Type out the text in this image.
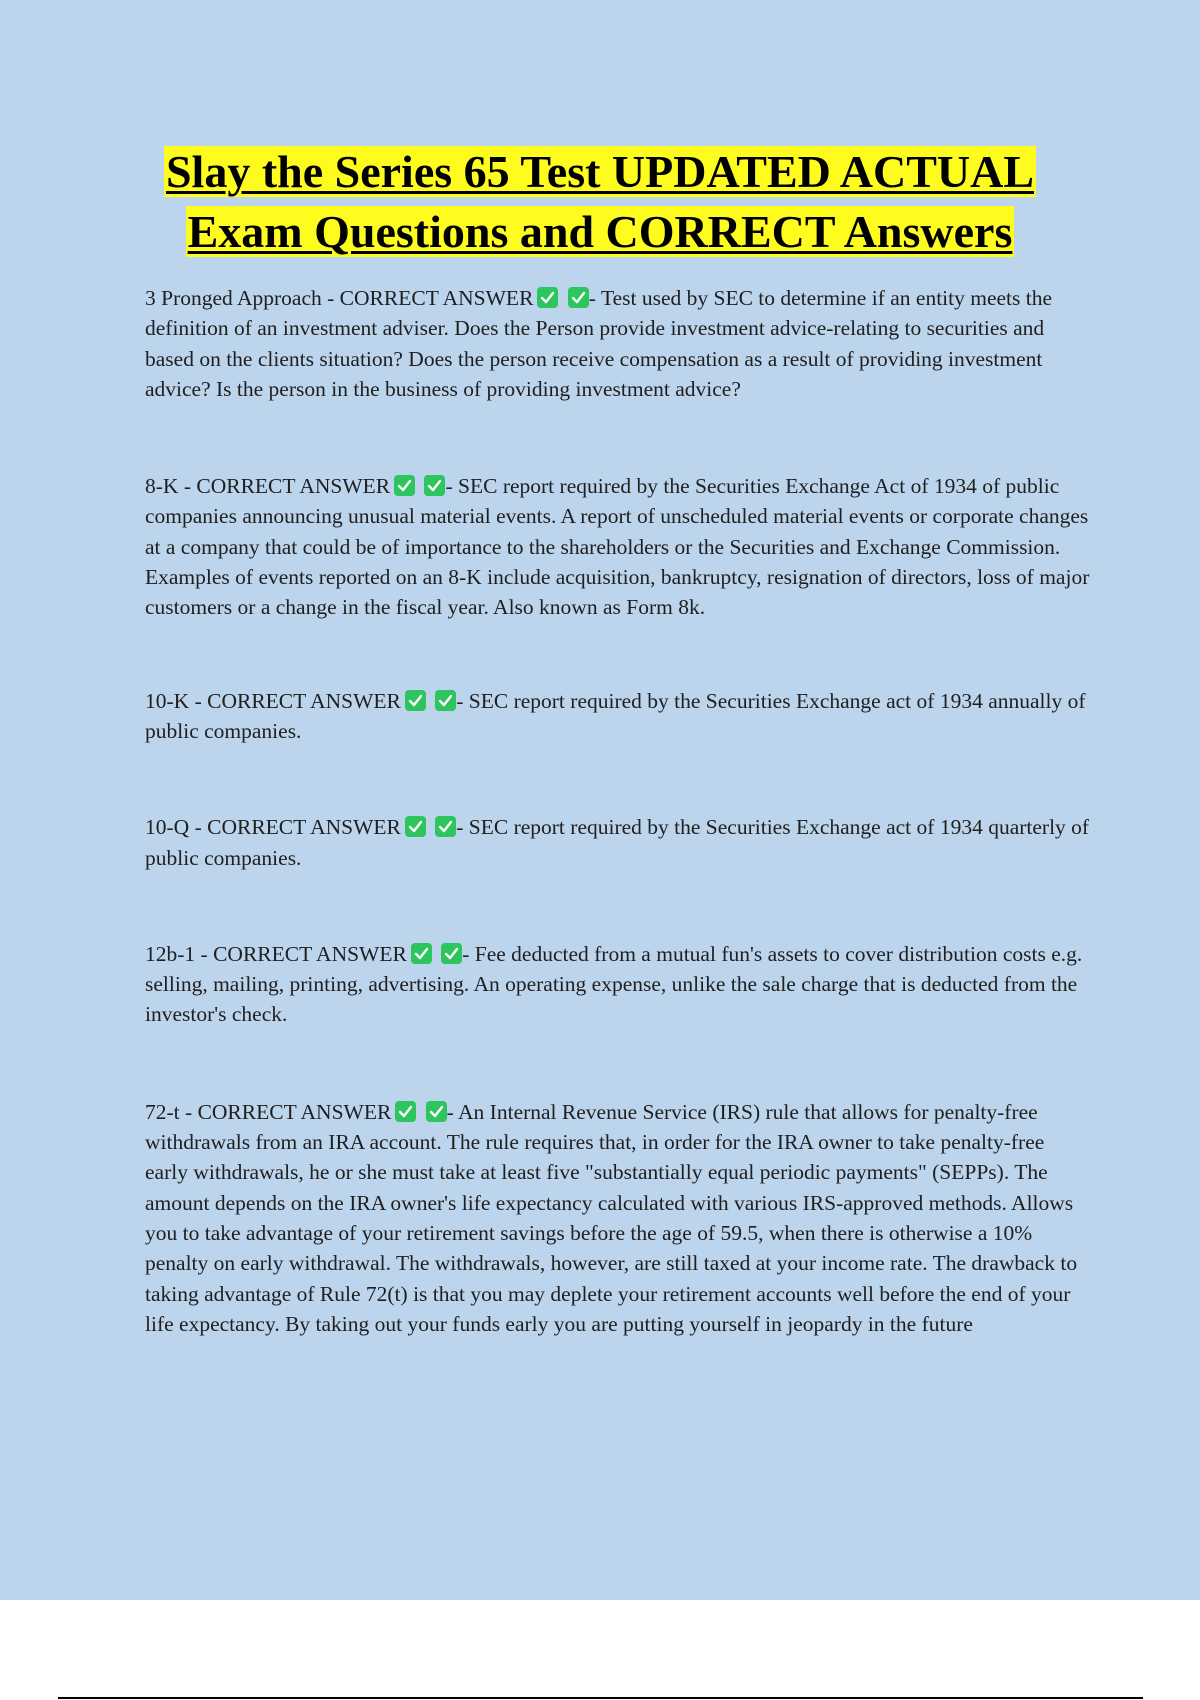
Slay the Series 65 Test UPDATED ACTUAL
Exam Questions and CORRECT Answers

3 Pronged Approach - CORRECT ANSWER
	- Test used by SEC to determine if an entity meets the definition of an investment adviser. Does the Person provide investment advice-relating to securities and based on the clients situation? Does the person receive compensation as a result of providing investment advice? Is the person in the business of providing investment advice?

8-K - CORRECT ANSWER
	- SEC report required by the Securities Exchange Act of 1934 of public companies announcing unusual material events. A report of unscheduled material events or corporate changes at a company that could be of importance to the shareholders or the Securities and Exchange Commission. Examples of events reported on an 8-K include acquisition, bankruptcy, resignation of directors, loss of major customers or a change in the fiscal year. Also known as Form 8k.

10-K - CORRECT ANSWER
	- SEC report required by the Securities Exchange act of 1934 annually of public companies.

10-Q - CORRECT ANSWER
	- SEC report required by the Securities Exchange act of 1934 quarterly of public companies.

12b-1 - CORRECT ANSWER
	- Fee deducted from a mutual fun's assets to cover distribution costs e.g. selling, mailing, printing, advertising. An operating expense, unlike the sale charge that is deducted from the investor's check.

72-t - CORRECT ANSWER
	- An Internal Revenue Service (IRS) rule that allows for penalty-free withdrawals from an IRA account. The rule requires that, in order for the IRA owner to take penalty-free early withdrawals, he or she must take at least five "substantially equal periodic payments" (SEPPs). The amount depends on the IRA owner's life expectancy calculated with various IRS-approved methods. Allows you to take advantage of your retirement savings before the age of 59.5, when there is otherwise a 10% penalty on early withdrawal. The withdrawals, however, are still taxed at your income rate. The drawback to taking advantage of Rule 72(t) is that you may deplete your retirement accounts well before the end of your life expectancy. By taking out your funds early you are putting yourself in jeopardy in the future
